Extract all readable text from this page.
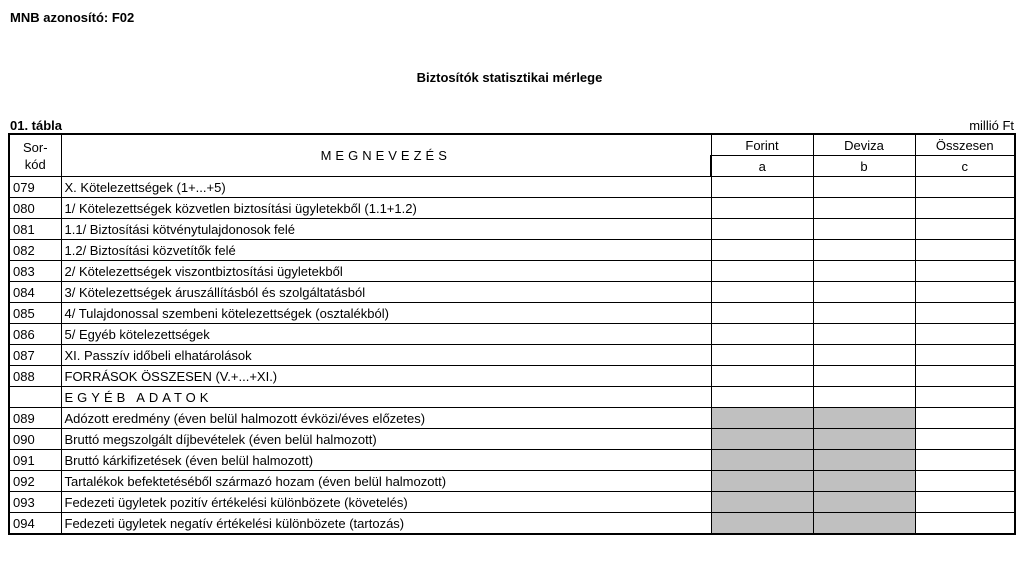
MNB azonosító: F02
Biztosítók statisztikai mérlege
01. tábla	millió Ft
Sor-
kód	MEGNEVEZÉS	Forint	Deviza	Összesen
		a	b	c
079	X. Kötelezettségek (1+...+5)			
080	1/ Kötelezettségek közvetlen biztosítási ügyletekből (1.1+1.2)			
081	1.1/ Biztosítási kötvénytulajdonosok felé			
082	1.2/ Biztosítási közvetítők felé			
083	2/ Kötelezettségek viszontbiztosítási ügyletekből			
084	3/ Kötelezettségek áruszállításból és szolgáltatásból			
085	4/ Tulajdonossal szembeni kötelezettségek (osztalékból)			
086	5/ Egyéb kötelezettségek			
087	XI. Passzív időbeli elhatárolások			
088	FORRÁSOK ÖSSZESEN (V.+...+XI.)			
	EGYÉB ADATOK			
089	Adózott eredmény (éven belül halmozott évközi/éves előzetes)			
090	Bruttó megszolgált díjbevételek (éven belül halmozott)			
091	Bruttó kárkifizetések (éven belül halmozott)			
092	Tartalékok befektetéséből származó hozam (éven belül halmozott)			
093	Fedezeti ügyletek pozitív értékelési különbözete (követelés)			
094	Fedezeti ügyletek negatív értékelési különbözete (tartozás)			
